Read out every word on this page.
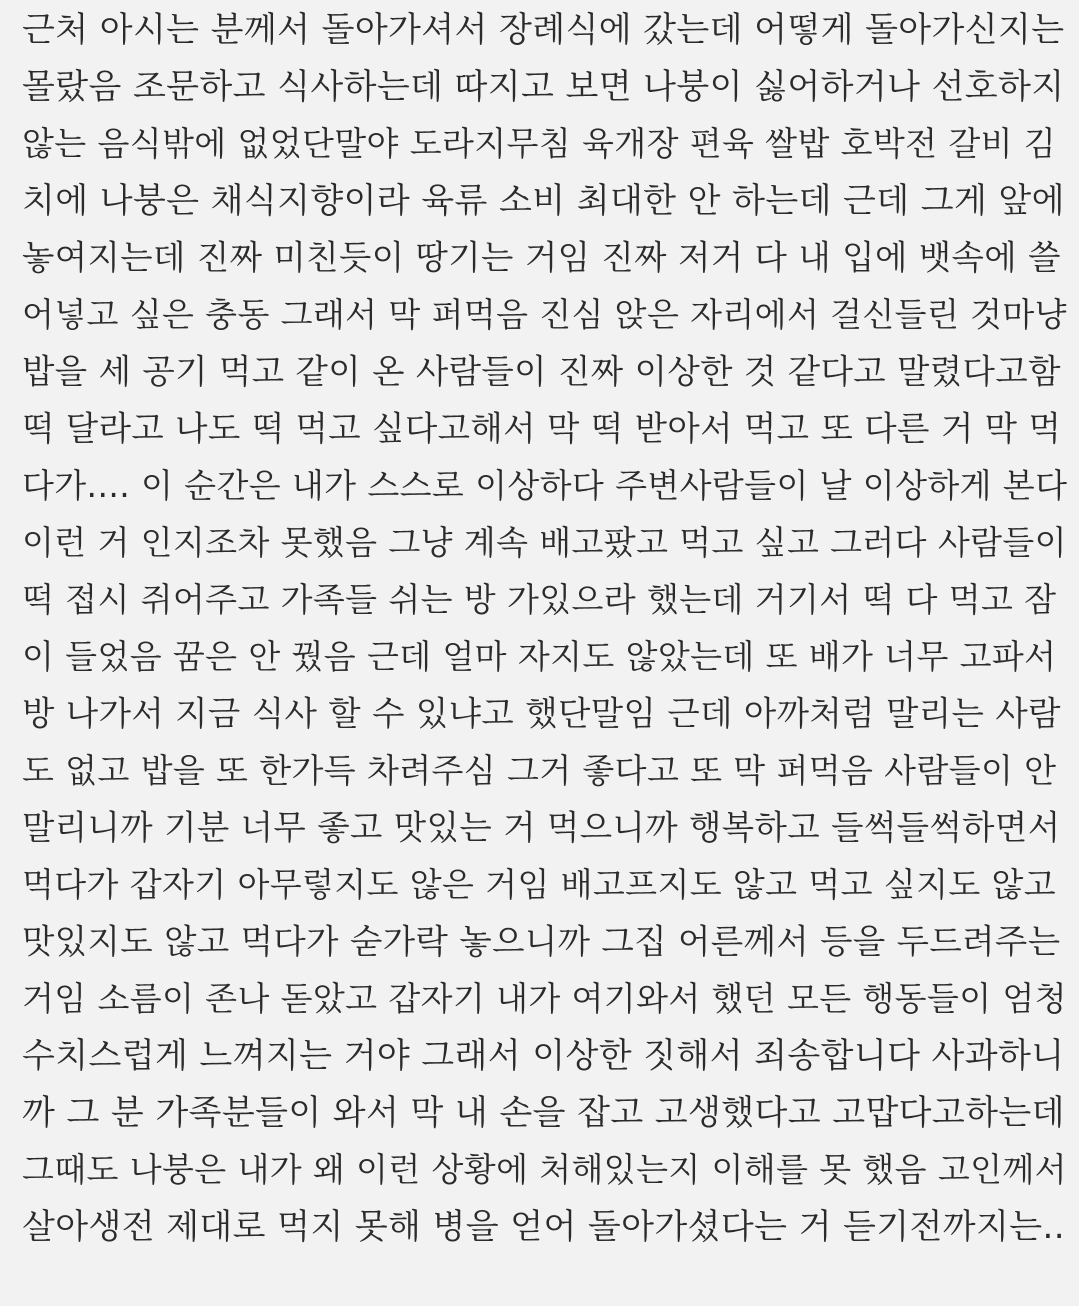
근처 아시는 분께서 돌아가셔서 장례식에 갔는데 어떻게 돌아가신지는
몰랐음 조문하고 식사하는데 따지고 보면 나붕이 싫어하거나 선호하지
않는 음식밖에 없었단말야 도라지무침 육개장 편육 쌀밥 호박전 갈비 김
치에 나붕은 채식지향이라 육류 소비 최대한 안 하는데 근데 그게 앞에
놓여지는데 진짜 미친듯이 땅기는 거임 진짜 저거 다 내 입에 뱃속에 쓸
어넣고 싶은 충동 그래서 막 퍼먹음 진심 앉은 자리에서 걸신들린 것마냥
밥을 세 공기 먹고 같이 온 사람들이 진짜 이상한 것 같다고 말렸다고함
떡 달라고 나도 떡 먹고 싶다고해서 막 떡 받아서 먹고 또 다른 거 막 먹
다가.... 이 순간은 내가 스스로 이상하다 주변사람들이 날 이상하게 본다
이런 거 인지조차 못했음 그냥 계속 배고팠고 먹고 싶고 그러다 사람들이
떡 접시 쥐어주고 가족들 쉬는 방 가있으라 했는데 거기서 떡 다 먹고 잠
이 들었음 꿈은 안 꿨음 근데 얼마 자지도 않았는데 또 배가 너무 고파서
방 나가서 지금 식사 할 수 있냐고 했단말임 근데 아까처럼 말리는 사람
도 없고 밥을 또 한가득 차려주심 그거 좋다고 또 막 퍼먹음 사람들이 안
말리니까 기분 너무 좋고 맛있는 거 먹으니까 행복하고 들썩들썩하면서
먹다가 갑자기 아무렇지도 않은 거임 배고프지도 않고 먹고 싶지도 않고
맛있지도 않고 먹다가 숟가락 놓으니까 그집 어른께서 등을 두드려주는
거임 소름이 존나 돋았고 갑자기 내가 여기와서 했던 모든 행동들이 엄청
수치스럽게 느껴지는 거야 그래서 이상한 짓해서 죄송합니다 사과하니
까 그 분 가족분들이 와서 막 내 손을 잡고 고생했다고 고맙다고하는데
그때도 나붕은 내가 왜 이런 상황에 처해있는지 이해를 못 했음 고인께서
살아생전 제대로 먹지 못해 병을 얻어 돌아가셨다는 거 듣기전까지는..
